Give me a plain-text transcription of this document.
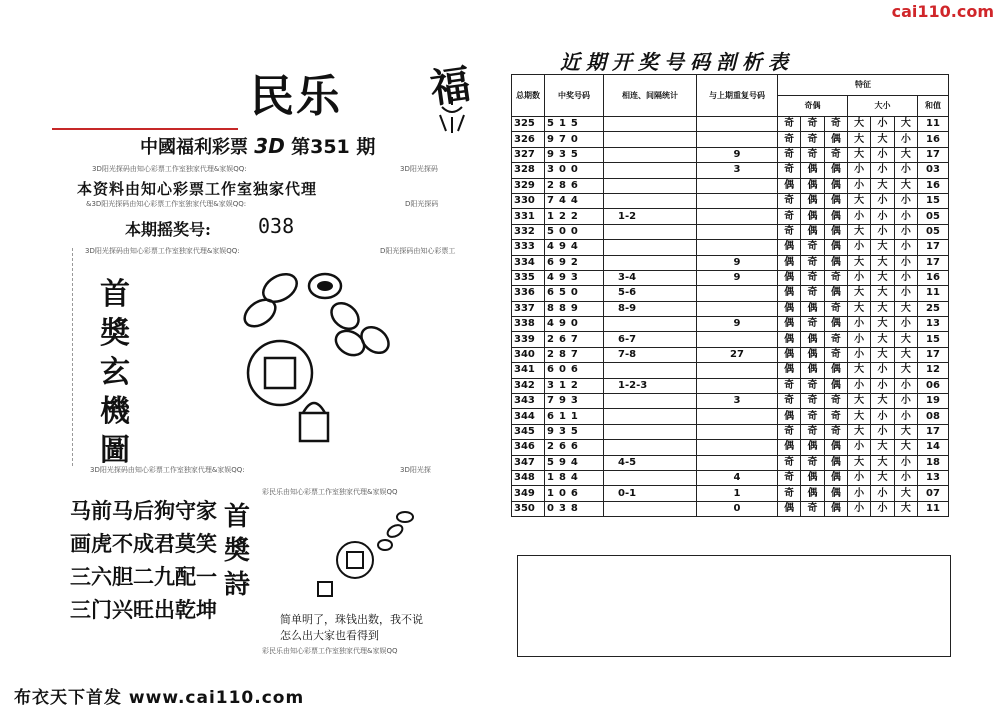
cai110.com
民乐 福
中國福利彩票 3D 第351 期
3D阳光探码由知心彩票工作室独家代理&家娱QQ:	3D阳光探码
本资料由知心彩票工作室独家代理
&3D阳光探码由知心彩票工作室独家代理&家娱QQ:	D阳光探码
本期摇奖号: 038
3D阳光探码由知心彩票工作室独家代理&家娱QQ:	D阳光探码由知心彩票工
首
奬
玄
機
圖
3D阳光探码由知心彩票工作室独家代理&家娱QQ:	3D阳光探
马前马后狗守家
画虎不成君莫笑
三六胆二九配一
三门兴旺出乾坤
首
奬
詩
彩民乐由知心彩票工作室独家代理&家娱QQ
简单明了，珠钱出数，我不说
怎么出大家也看得到
彩民乐由知心彩票工作室独家代理&家娱QQ
近期开奖号码剖析表
总期数	中奖号码	相连、间隔统计	与上期重复号码	特征						
				奇偶			大小			和值
325	515			奇	奇	奇	大	小	大	11
326	970			奇	奇	偶	大	大	小	16
327	935		9	奇	奇	奇	大	小	大	17
328	300		3	奇	偶	偶	小	小	小	03
329	286			偶	偶	偶	小	大	大	16
330	744			奇	偶	偶	大	小	小	15
331	122	1-2		奇	偶	偶	小	小	小	05
332	500			奇	偶	偶	大	小	小	05
333	494			偶	奇	偶	小	大	小	17
334	692		9	偶	奇	偶	大	大	小	17
335	493	3-4	9	偶	奇	奇	小	大	小	16
336	650	5-6		偶	奇	偶	大	大	小	11
337	889	8-9		偶	偶	奇	大	大	大	25
338	490		9	偶	奇	偶	小	大	小	13
339	267	6-7		偶	偶	奇	小	大	大	15
340	287	7-8	27	偶	偶	奇	小	大	大	17
341	606			偶	偶	偶	大	小	大	12
342	312	1-2-3		奇	奇	偶	小	小	小	06
343	793		3	奇	奇	奇	大	大	小	19
344	611			偶	奇	奇	大	小	小	08
345	935			奇	奇	奇	大	小	大	17
346	266			偶	偶	偶	小	大	大	14
347	594	4-5		奇	奇	偶	大	大	小	18
348	184		4	奇	偶	偶	小	大	小	13
349	106	0-1	1	奇	偶	偶	小	小	大	07
350	038		0	偶	奇	偶	小	小	大	11
布衣天下首发 www.cai110.com
